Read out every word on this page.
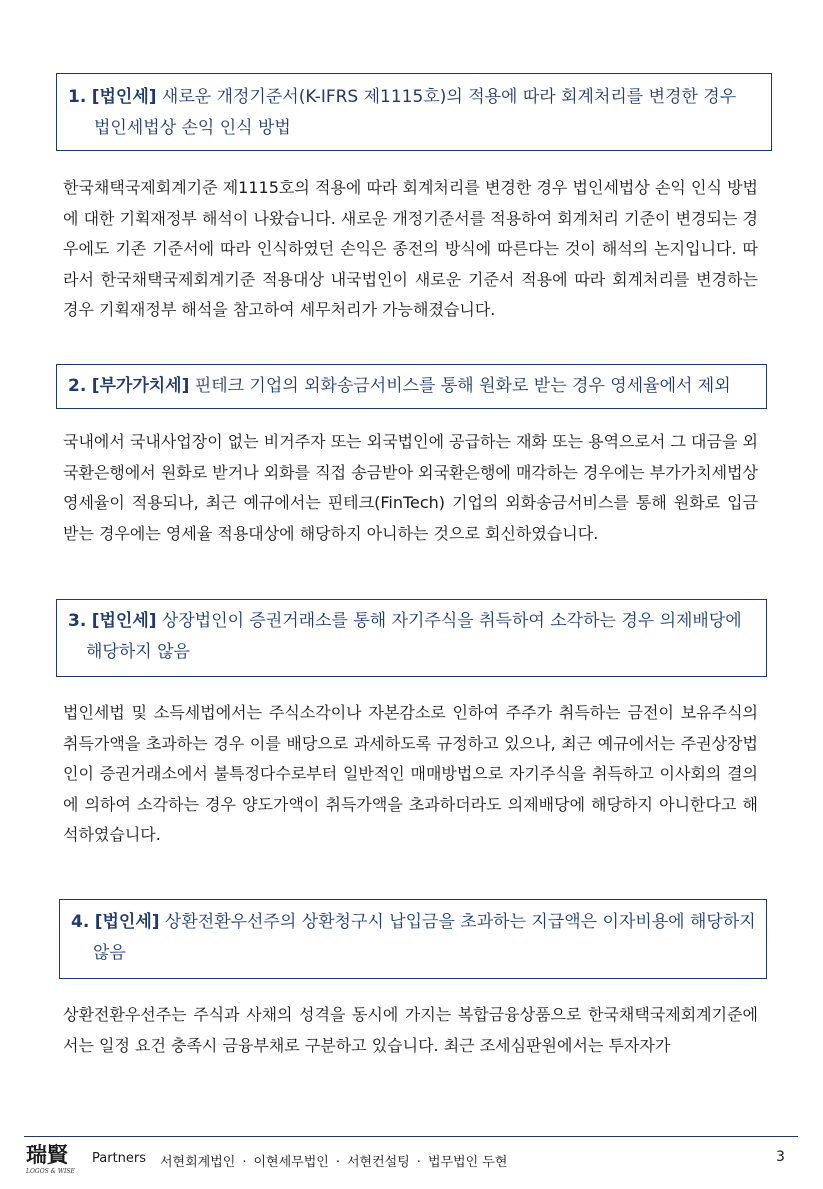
1. [법인세] 새로운 개정기준서(K-IFRS 제1115호)의 적용에 따라 회계처리를 변경한 경우
법인세법상 손익 인식 방법

한국채택국제회계기준 제1115호의 적용에 따라 회계처리를 변경한 경우 법인세법상 손익 인식 방법에 대한 기획재정부 해석이 나왔습니다. 새로운 개정기준서를 적용하여 회계처리 기준이 변경되는 경우에도 기존 기준서에 따라 인식하였던 손익은 종전의 방식에 따른다는 것이 해석의 논지입니다. 따라서 한국채택국제회계기준 적용대상 내국법인이 새로운 기준서 적용에 따라 회계처리를 변경하는 경우 기획재정부 해석을 참고하여 세무처리가 가능해졌습니다.

2. [부가가치세] 핀테크 기업의 외화송금서비스를 통해 원화로 받는 경우 영세율에서 제외

국내에서 국내사업장이 없는 비거주자 또는 외국법인에 공급하는 재화 또는 용역으로서 그 대금을 외국환은행에서 원화로 받거나 외화를 직접 송금받아 외국환은행에 매각하는 경우에는 부가가치세법상 영세율이 적용되나, 최근 예규에서는 핀테크(FinTech) 기업의 외화송금서비스를 통해 원화로 입금 받는 경우에는 영세율 적용대상에 해당하지 아니하는 것으로 회신하였습니다.

3. [법인세] 상장법인이 증권거래소를 통해 자기주식을 취득하여 소각하는 경우 의제배당에
해당하지 않음

법인세법 및 소득세법에서는 주식소각이나 자본감소로 인하여 주주가 취득하는 금전이 보유주식의 취득가액을 초과하는 경우 이를 배당으로 과세하도록 규정하고 있으나, 최근 예규에서는 주권상장법인이 증권거래소에서 불특정다수로부터 일반적인 매매방법으로 자기주식을 취득하고 이사회의 결의에 의하여 소각하는 경우 양도가액이 취득가액을 초과하더라도 의제배당에 해당하지 아니한다고 해석하였습니다.

4. [법인세] 상환전환우선주의 상환청구시 납입금을 초과하는 지급액은 이자비용에 해당하지
않음

상환전환우선주는 주식과 사채의 성격을 동시에 가지는 복합금융상품으로 한국채택국제회계기준에서는 일정 요건 충족시 금융부채로 구분하고 있습니다. 최근 조세심판원에서는 투자자가

瑞賢
LOGOS & WISE
Partners 서현회계법인 · 이현세무법인 · 서현컨설팅 · 법무법인 두현	3
